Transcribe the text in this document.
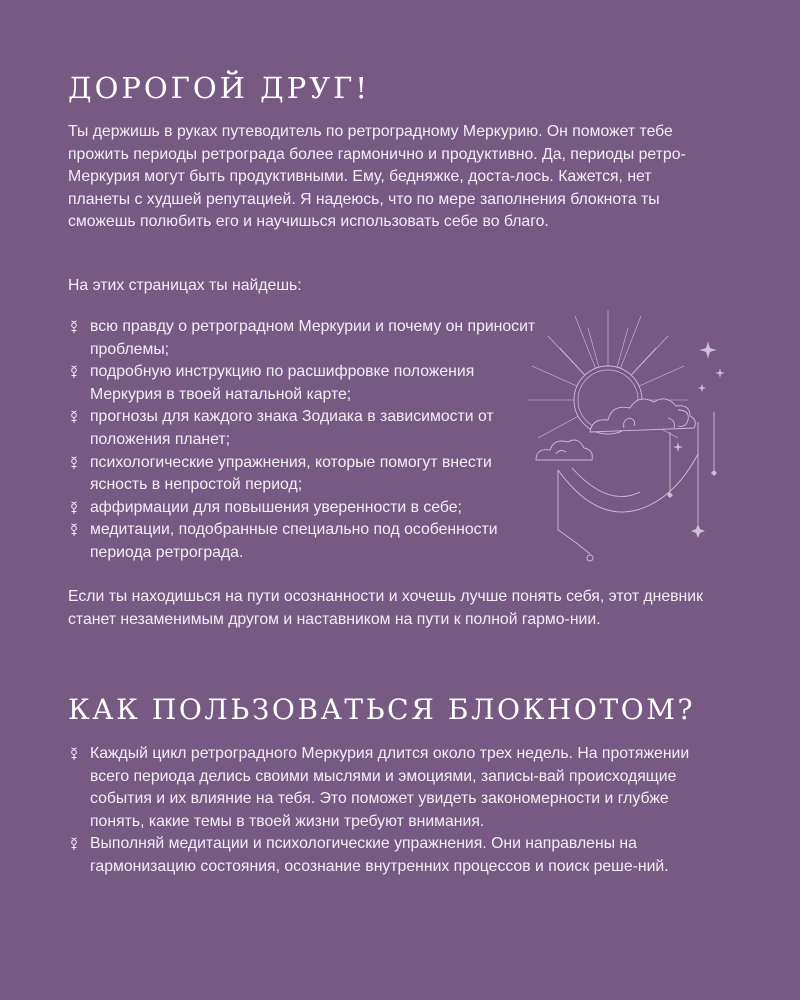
ДОРОГОЙ ДРУГ!

Ты держишь в руках путеводитель по ретроградному Меркурию. Он поможет тебе прожить периоды ретрограда более гармонично и продуктивно. Да, периоды ретро-Меркурия могут быть продуктивными. Ему, бедняжке, доста-лось. Кажется, нет планеты с худшей репутацией. Я надеюсь, что по мере заполнения блокнота ты сможешь полюбить его и научишься использовать себе во благо.

На этих страницах ты найдешь:

всю правду о ретроградном Меркурии и почему он приносит проблемы;
подробную инструкцию по расшифровке положения Меркурия в твоей натальной карте;
прогнозы для каждого знака Зодиака в зависимости от положения планет;
психологические упражнения, которые помогут внести ясность в непростой период;
аффирмации для повышения уверенности в себе;
медитации, подобранные специально под особенности периода ретрограда.

Если ты находишься на пути осознанности и хочешь лучше понять себя, этот дневник станет незаменимым другом и наставником на пути к полной гармо-нии.

КАК ПОЛЬЗОВАТЬСЯ БЛОКНОТОМ?
Каждый цикл ретроградного Меркурия длится около трех недель. На протяжении всего периода делись своими мыслями и эмоциями, записы-вай происходящие события и их влияние на тебя. Это поможет увидеть закономерности и глубже понять, какие темы в твоей жизни требуют внимания.
Выполняй медитации и психологические упражнения. Они направлены на гармонизацию состояния, осознание внутренних процессов и поиск реше-ний.
